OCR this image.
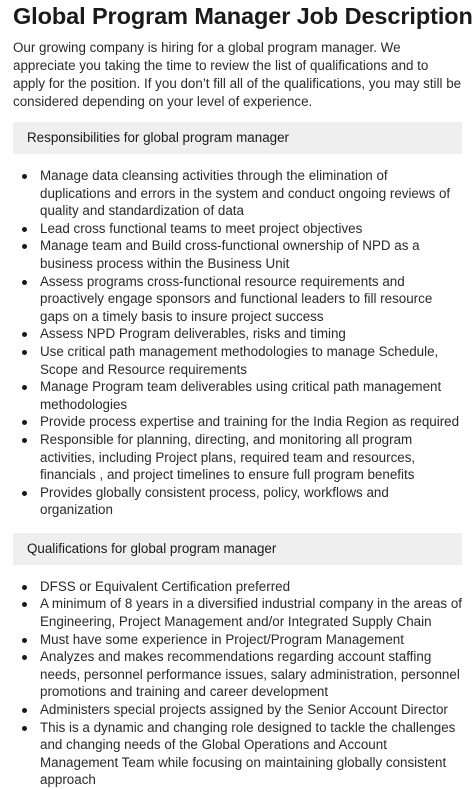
Global Program Manager Job Description

Our growing company is hiring for a global program manager. We appreciate you taking the time to review the list of qualifications and to apply for the position. If you don’t fill all of the qualifications, you may still be considered depending on your level of experience.

Responsibilities for global program manager
Manage data cleansing activities through the elimination of duplications and errors in the system and conduct ongoing reviews of quality and standardization of data
Lead cross functional teams to meet project objectives
Manage team and Build cross-functional ownership of NPD as a business process within the Business Unit
Assess programs cross-functional resource requirements and proactively engage sponsors and functional leaders to fill resource gaps on a timely basis to insure project success
Assess NPD Program deliverables, risks and timing
Use critical path management methodologies to manage Schedule, Scope and Resource requirements
Manage Program team deliverables using critical path management methodologies
Provide process expertise and training for the India Region as required
Responsible for planning, directing, and monitoring all program activities, including Project plans, required team and resources, financials , and project timelines to ensure full program benefits
Provides globally consistent process, policy, workflows and organization
Qualifications for global program manager
DFSS or Equivalent Certification preferred
A minimum of 8 years in a diversified industrial company in the areas of Engineering, Project Management and/or Integrated Supply Chain
Must have some experience in Project/Program Management
Analyzes and makes recommendations regarding account staffing needs, personnel performance issues, salary administration, personnel promotions and training and career development
Administers special projects assigned by the Senior Account Director
This is a dynamic and changing role designed to tackle the challenges and changing needs of the Global Operations and Account Management Team while focusing on maintaining globally consistent approach
